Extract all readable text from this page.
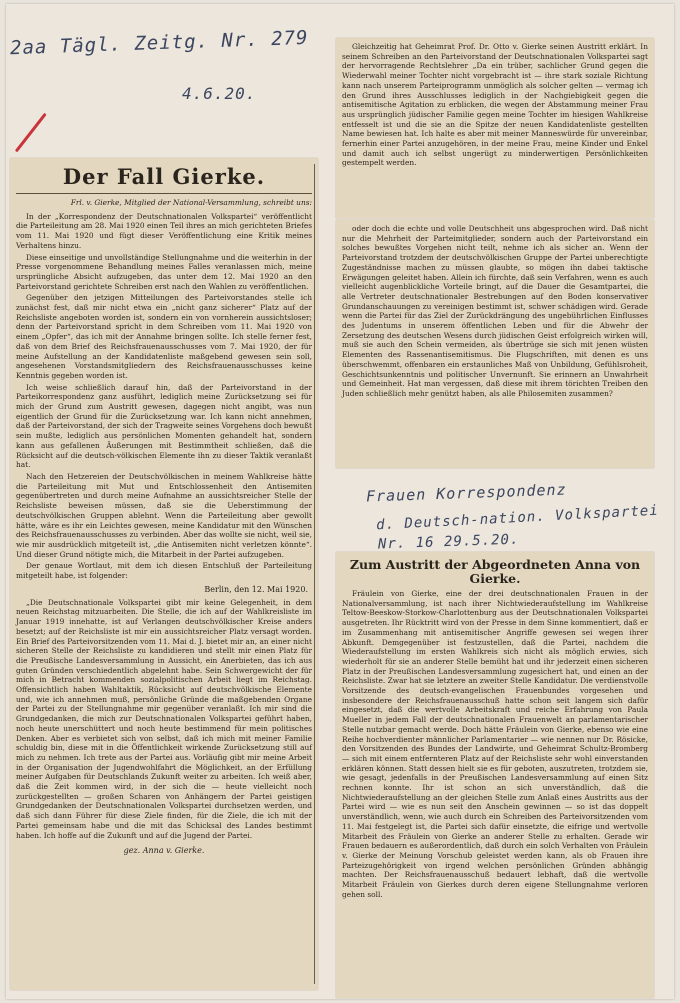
2aa Tägl. Zeitg. Nr. 279
4.6.20.
Der Fall Gierke.
Frl. v. Gierke, Mitglied der National-Versammlung, schreibt uns:

In der „Korrespondenz der Deutschnationalen Volkspartei“ veröffentlicht die Parteileitung am 28. Mai 1920 einen Teil ihres an mich gerichteten Briefes vom 11. Mai 1920 und fügt dieser Veröffentlichung eine Kritik meines Verhaltens hinzu.

Diese einseitige und unvollständige Stellungnahme und die weiterhin in der Presse vorgenommene Behandlung meines Falles veranlassen mich, meine ursprüngliche Absicht aufzugeben, das unter dem 12. Mai 1920 an den Parteivorstand gerichtete Schreiben erst nach den Wahlen zu veröffentlichen.

Gegenüber den jetzigen Mitteilungen des Parteivorstandes stelle ich zunächst fest, daß mir nicht etwa ein „nicht ganz sicherer“ Platz auf der Reichsliste angeboten worden ist, sondern ein von vornherein aussichtsloser; denn der Parteivorstand spricht in dem Schreiben vom 11. Mai 1920 von einem „Opfer“, das ich mit der Annahme bringen sollte. Ich stelle ferner fest, daß von dem Brief des Reichsfrauenausschusses vom 7. Mai 1920, der für meine Aufstellung an der Kandidatenliste maßgebend gewesen sein soll, angesehenen Vorstandsmitgliedern des Reichsfrauenausschusses keine Kenntnis gegeben worden ist.

Ich weise schließlich darauf hin, daß der Parteivorstand in der Parteikorrespondenz ganz ausführt, lediglich meine Zurücksetzung sei für mich der Grund zum Austritt gewesen, dagegen nicht angibt, was nun eigentlich der Grund für die Zurücksetzung war. Ich kann nicht annehmen, daß der Parteivorstand, der sich der Tragweite seines Vorgehens doch bewußt sein mußte, lediglich aus persönlichen Momenten gehandelt hat, sondern kann aus gefallenen Äußerungen mit Bestimmtheit schließen, daß die Rücksicht auf die deutsch-völkischen Elemente ihn zu dieser Taktik veranlaßt hat.

Nach den Hetzereien der Deutschvölkischen in meinem Wahlkreise hätte die Parteileitung mit Mut und Entschlossenheit den Antisemiten gegenübertreten und durch meine Aufnahme an aussichtsreicher Stelle der Reichsliste beweisen müssen, daß sie die Ueberstimmung der deutschvölkischen Gruppen ablehnt. Wenn die Parteileitung aber gewollt hätte, wäre es ihr ein Leichtes gewesen, meine Kandidatur mit den Wünschen des Reichsfrauenausschusses zu verbinden. Aber das wollte sie nicht, weil sie, wie mir ausdrücklich mitgeteilt ist, „die Antisemiten nicht verletzen könnte“. Und dieser Grund nötigte mich, die Mitarbeit in der Partei aufzugeben.

Der genaue Wortlaut, mit dem ich diesen Entschluß der Parteileitung mitgeteilt habe, ist folgender:

Berlin, den 12. Mai 1920.

„Die Deutschnationale Volkspartei gibt mir keine Gelegenheit, in dem neuen Reichstag mitzuarbeiten. Die Stelle, die ich auf der Wahlkreisliste im Januar 1919 innehatte, ist auf Verlangen deutschvölkischer Kreise anders besetzt; auf der Reichsliste ist mir ein aussichtsreicher Platz versagt worden. Ein Brief des Parteivorsitzenden vom 11. Mai d. J. bietet mir an, an einer nicht sicheren Stelle der Reichsliste zu kandidieren und stellt mir einen Platz für die Preußische Landesversammlung in Aussicht, ein Anerbieten, das ich aus guten Gründen verschiedentlich abgelehnt habe. Sein Schwergewicht der für mich in Betracht kommenden sozialpolitischen Arbeit liegt im Reichstag. Offensichtlich haben Wahltaktik, Rücksicht auf deutschvölkische Elemente und, wie ich annehmen muß, persönliche Gründe die maßgebenden Organe der Partei zu der Stellungnahme mir gegenüber veranlaßt. Ich mir sind die Grundgedanken, die mich zur Deutschnationalen Volkspartei geführt haben, noch heute unerschüttert und noch heute bestimmend für mein politisches Denken. Aber es verbietet sich von selbst, daß ich mich mit meiner Familie schuldig bin, diese mit in die Öffentlichkeit wirkende Zurücksetzung still auf mich zu nehmen. Ich trete aus der Partei aus. Vorläufig gibt mir meine Arbeit in der Organisation der Jugendwohlfahrt die Möglichkeit, an der Erfüllung meiner Aufgaben für Deutschlands Zukunft weiter zu arbeiten. Ich weiß aber, daß die Zeit kommen wird, in der sich die — heute vielleicht noch zurückgestellten — großen Scharen von Anhängern der Partei geistigen Grundgedanken der Deutschnationalen Volkspartei durchsetzen werden, und daß sich dann Führer für diese Ziele finden, für die Ziele, die ich mit der Partei gemeinsam habe und die mit das Schicksal des Landes bestimmt haben. Ich hoffe auf die Zukunft und auf die Jugend der Partei.

gez. Anna v. Gierke.

Gleichzeitig hat Geheimrat Prof. Dr. Otto v. Gierke seinen Austritt erklärt. In seinem Schreiben an den Parteivorstand der Deutschnationalen Volkspartei sagt der hervorragende Rechtslehrer „Da ein trüber, sachlicher Grund gegen die Wiederwahl meiner Tochter nicht vorgebracht ist — ihre stark soziale Richtung kann nach unserem Parteiprogramm unmöglich als solcher gelten — vermag ich den Grund ihres Ausschlusses lediglich in der Nachgiebigkeit gegen die antisemitische Agitation zu erblicken, die wegen der Abstammung meiner Frau aus ursprünglich jüdischer Familie gegen meine Tochter im hiesigen Wahlkreise entfesselt ist und die sie an die Spitze der neuen Kandidatenliste gestellten Name bewiesen hat. Ich halte es aber mit meiner Manneswürde für unvereinbar, fernerhin einer Partei anzugehören, in der meine Frau, meine Kinder und Enkel und damit auch ich selbst ungerügt zu minderwertigen Persönlichkeiten gestempelt werden.

oder doch die echte und volle Deutschheit uns abgesprochen wird. Daß nicht nur die Mehrheit der Parteimitglieder, sondern auch der Parteivorstand ein solches bewußtes Vorgehen nicht teilt, nehme ich als sicher an. Wenn der Parteivorstand trotzdem der deutschvölkischen Gruppe der Partei unberechtigte Zugeständnisse machen zu müssen glaubte, so mögen ihn dabei taktische Erwägungen geleitet haben. Allein ich fürchte, daß sein Verfahren, wenn es auch vielleicht augenblickliche Vorteile bringt, auf die Dauer die Gesamtpartei, die alle Vertreter deutschnationaler Bestrebungen auf den Boden konservativer Grundanschauungen zu vereinigen bestimmt ist, schwer schädigen wird. Gerade wenn die Partei für das Ziel der Zurückdrängung des ungebührlichen Einflusses des Judentums in unserem öffentlichen Leben und für die Abwehr der Zersetzung des deutschen Wesens durch jüdischen Geist erfolgreich wirken will, muß sie auch den Schein vermeiden, als übertrüge sie sich mit jenen wüsten Elementen des Rassenantisemitismus. Die Flugschriften, mit denen es uns überschwemmt, offenbaren ein erstaunliches Maß von Unbildung, Gefühlsroheit, Geschichtsunkenntnis und politischer Unvernunft. Sie erinnern an Unwahrheit und Gemeinheit. Hat man vergessen, daß diese mit ihrem törichten Treiben den Juden schließlich mehr genützt haben, als alle Philosemiten zusammen?

Frauen Korrespondenz
d. Deutsch-nation. Volkspartei
Nr. 16 29.5.20.
Zum Austritt der Abgeordneten Anna von Gierke.

Fräulein von Gierke, eine der drei deutschnationalen Frauen in der Nationalversammlung, ist nach ihrer Nichtwiederaufstellung im Wahlkreise Teltow-Beeskow-Storkow-Charlottenburg aus der Deutschnationalen Volkspartei ausgetreten. Ihr Rücktritt wird von der Presse in dem Sinne kommentiert, daß er im Zusammenhang mit antisemitischer Angriffe gewesen sei wegen ihrer Abkunft. Demgegenüber ist festzustellen, daß die Partei, nachdem die Wiederaufstellung im ersten Wahlkreis sich nicht als möglich erwies, sich wiederholt für sie an anderer Stelle bemüht hat und ihr jederzeit einen sicheren Platz in der Preußischen Landesversammlung zugesichert hat, und einen an der Reichsliste. Zwar hat sie letztere an zweiter Stelle Kandidatur. Die verdienstvolle Vorsitzende des deutsch-evangelischen Frauenbundes vorgesehen und insbesondere der Reichsfrauenausschuß hatte schon seit langem sich dafür eingesetzt, daß die wertvolle Arbeitskraft und reiche Erfahrung von Paula Mueller in jedem Fall der deutschnationalen Frauenwelt an parlamentarischer Stelle nutzbar gemacht werde. Doch hätte Fräulein von Gierke, ebenso wie eine Reihe hochverdienter männlicher Parlamentarier — wie nennen nur Dr. Rösicke, den Vorsitzenden des Bundes der Landwirte, und Geheimrat Schultz-Bromberg — sich mit einem entfernteren Platz auf der Reichsliste sehr wohl einverstanden erklären können. Statt dessen hielt sie es für geboten, auszutreten, trotzdem sie, wie gesagt, jedenfalls in der Preußischen Landesversammlung auf einen Sitz rechnen konnte. Ihr ist schon an sich unverständlich, daß die Nichtwiederaufstellung an der gleichen Stelle zum Anlaß eines Austritts aus der Partei wird — wie es nun seit den Anschein gewinnen — so ist das doppelt unverständlich, wenn, wie auch durch ein Schreiben des Parteivorsitzenden vom 11. Mai festgelegt ist, die Partei sich dafür einsetzte, die eifrige und wertvolle Mitarbeit des Fräulein von Gierke an anderer Stelle zu erhalten. Gerade wir Frauen bedauern es außerordentlich, daß durch ein solch Verhalten von Fräulein v. Gierke der Meinung Vorschub geleistet werden kann, als ob Frauen ihre Parteizugehörigkeit von irgend welchen persönlichen Gründen abhängig machten. Der Reichsfrauenausschuß bedauert lebhaft, daß die wertvolle Mitarbeit Fräulein von Gierkes durch deren eigene Stellungnahme verloren gehen soll.
